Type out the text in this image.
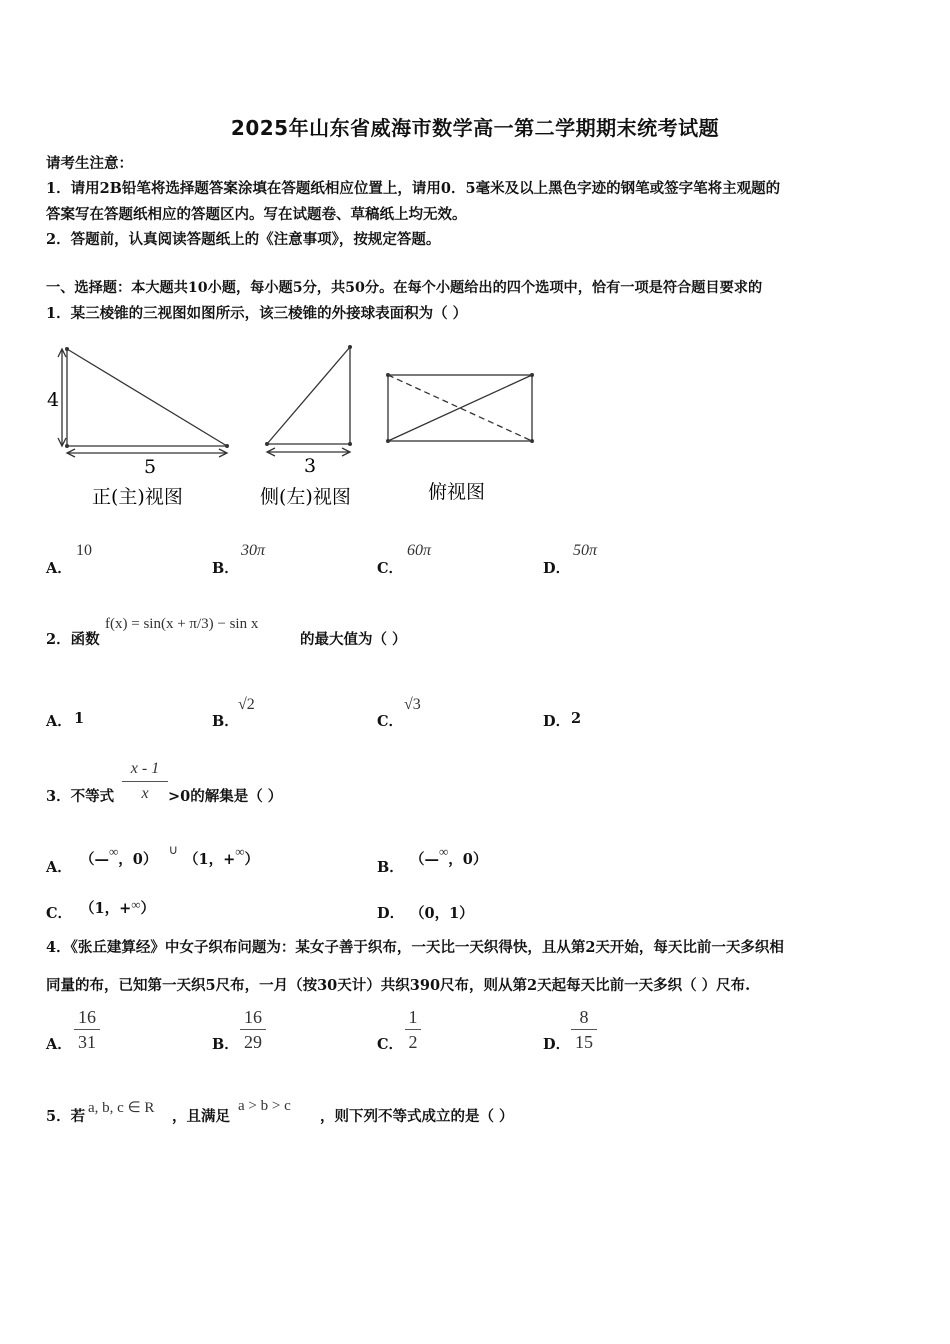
2025年山东省威海市数学高一第二学期期末统考试题
请考生注意：
1．请用2B铅笔将选择题答案涂填在答题纸相应位置上，请用0．5毫米及以上黑色字迹的钢笔或签字笔将主观题的
答案写在答题纸相应的答题区内。写在试题卷、草稿纸上均无效。
2．答题前，认真阅读答题纸上的《注意事项》，按规定答题。
一、选择题：本大题共10小题，每小题5分，共50分。在每个小题给出的四个选项中，恰有一项是符合题目要求的
1．某三棱锥的三视图如图所示，该三棱锥的外接球表面积为（ ）
4
5
正(主)视图
3
侧(左)视图	俯视图
A．
10
B．
30π
C．
60π
D．
50π
2．函数
f(x) = sin(x + π/3) − sin x
的最大值为（ ）
A． 1	B．
√2
C．
√3
D． 2
3．不等式
x - 1
x	>0的解集是（ ）
A． （—∞，0） ∪（1，+∞）	B． （—∞，0）
C． （1，+∞）	D． （0，1）
4．《张丘建算经》中女子织布问题为：某女子善于织布，一天比一天织得快，且从第2天开始，每天比前一天多织相
同量的布，已知第一天织5尺布，一月（按30天计）共织390尺布，则从第2天起每天比前一天多织（ ）尺布.
A．
16
31	B．
16
29	C．
1
2	D．
8
15
5．若 a, b, c ∈ R ，且满足
a > b > c
，则下列不等式成立的是（ ）
